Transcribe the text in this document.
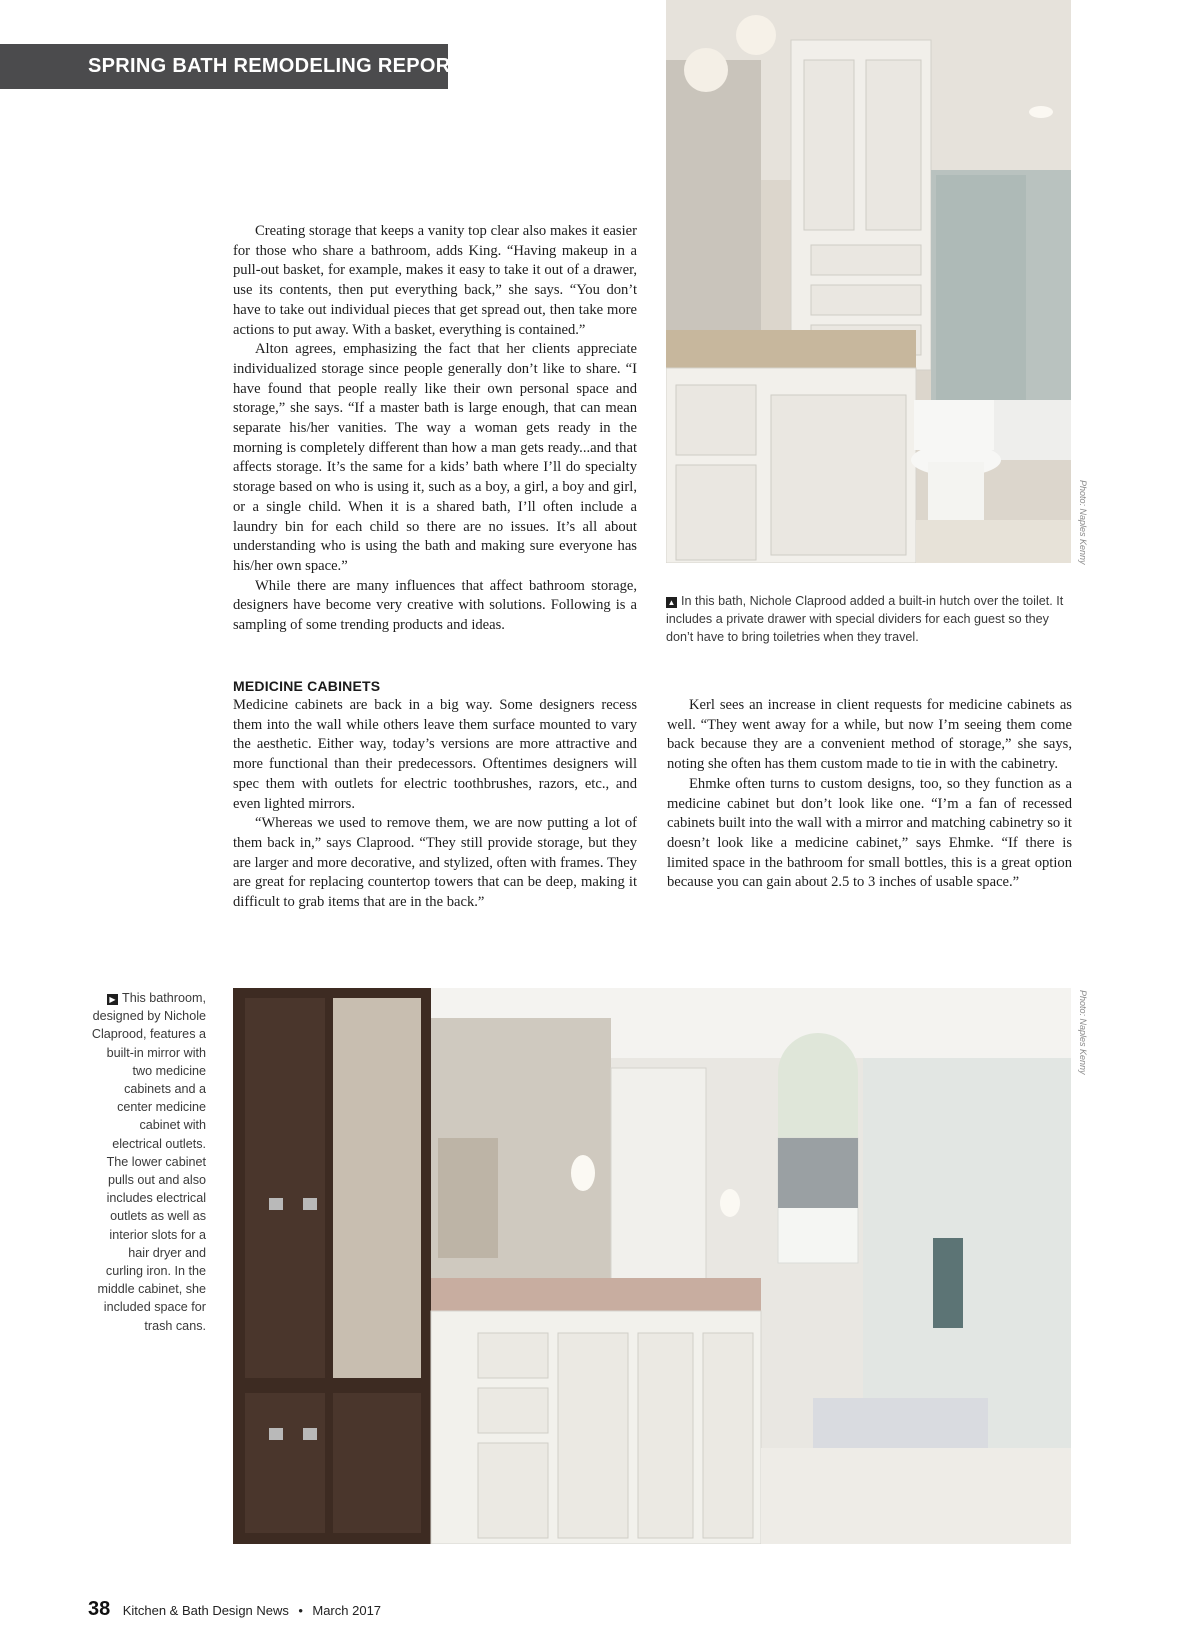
SPRING BATH REMODELING REPORT
Photo: Naples Kenny
▲ In this bath, Nichole Claprood added a built-in hutch over the toilet. It includes a private drawer with special dividers for each guest so they don’t have to bring toiletries when they travel.

Creating storage that keeps a vanity top clear also makes it easier for those who share a bathroom, adds King. “Having makeup in a pull-out basket, for example, makes it easy to take it out of a drawer, use its contents, then put everything back,” she says. “You don’t have to take out individual pieces that get spread out, then take more actions to put away. With a basket, everything is contained.”

Alton agrees, emphasizing the fact that her clients appreciate individualized storage since people generally don’t like to share. “I have found that people really like their own personal space and storage,” she says. “If a master bath is large enough, that can mean separate his/her vanities. The way a woman gets ready in the morning is completely different than how a man gets ready...and that affects storage. It’s the same for a kids’ bath where I’ll do specialty storage based on who is using it, such as a boy, a girl, a boy and girl, or a single child. When it is a shared bath, I’ll often include a laundry bin for each child so there are no issues. It’s all about understanding who is using the bath and making sure everyone has his/her own space.”

While there are many influences that affect bathroom storage, designers have become very creative with solutions. Following is a sampling of some trending products and ideas.

MEDICINE CABINETS

Medicine cabinets are back in a big way. Some designers recess them into the wall while others leave them surface mounted to vary the aesthetic. Either way, today’s versions are more attractive and more functional than their predecessors. Oftentimes designers will spec them with outlets for electric toothbrushes, razors, etc., and even lighted mirrors.

“Whereas we used to remove them, we are now putting a lot of them back in,” says Claprood. “They still provide storage, but they are larger and more decorative, and stylized, often with frames. They are great for replacing countertop towers that can be deep, making it difficult to grab items that are in the back.”

Kerl sees an increase in client requests for medicine cabinets as well. “They went away for a while, but now I’m seeing them come back because they are a convenient method of storage,” she says, noting she often has them custom made to tie in with the cabinetry.

Ehmke often turns to custom designs, too, so they function as a medicine cabinet but don’t look like one. “I’m a fan of recessed cabinets built into the wall with a mirror and matching cabinetry so it doesn’t look like a medicine cabinet,” says Ehmke. “If there is limited space in the bathroom for small bottles, this is a great option because you can gain about 2.5 to 3 inches of usable space.”

▶ This bathroom, designed by Nichole Claprood, features a built-in mirror with two medicine cabinets and a center medicine cabinet with electrical outlets. The lower cabinet pulls out and also includes electrical outlets as well as interior slots for a hair dryer and curling iron. In the middle cabinet, she included space for trash cans.
Photo: Naples Kenny
38 Kitchen & Bath Design News • March 2017
